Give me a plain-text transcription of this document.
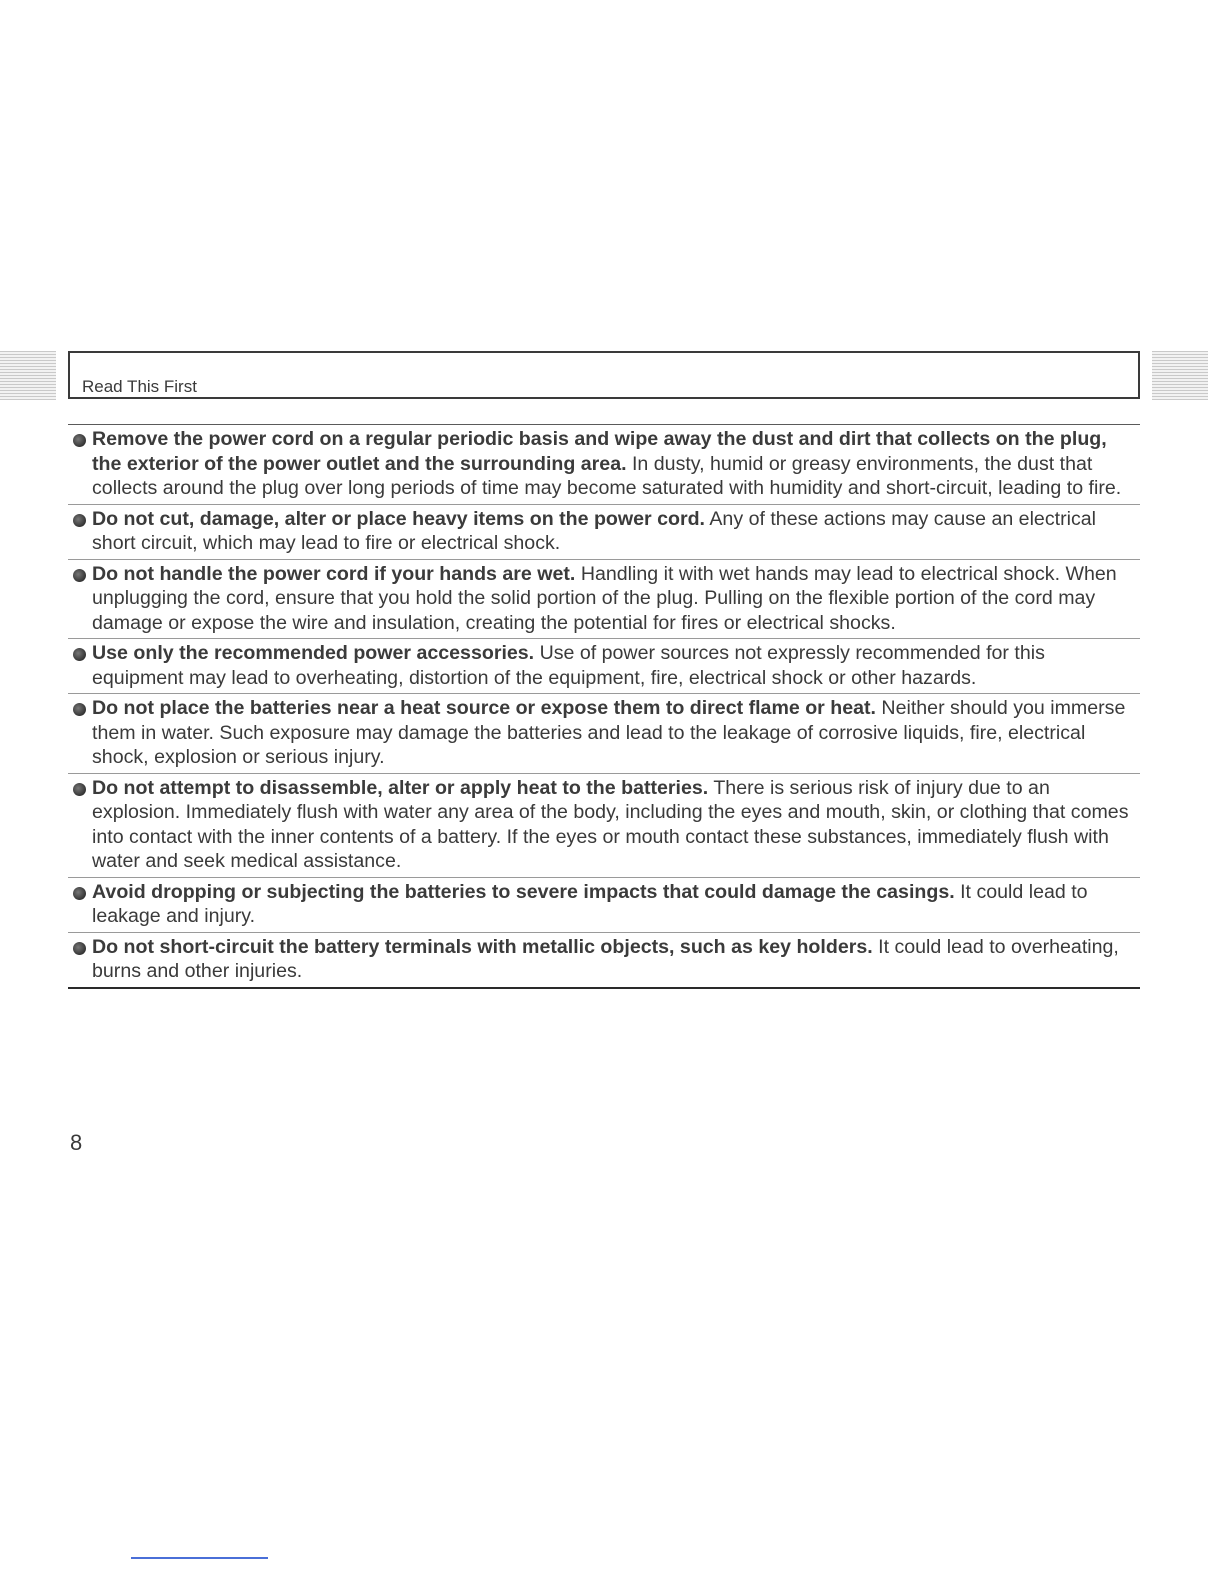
Read This First
Remove the power cord on a regular periodic basis and wipe away the dust and dirt that collects on the plug, the exterior of the power outlet and the surrounding area. In dusty, humid or greasy environments, the dust that collects around the plug over long periods of time may become saturated with humidity and short-circuit, leading to fire.
Do not cut, damage, alter or place heavy items on the power cord. Any of these actions may cause an electrical short circuit, which may lead to fire or electrical shock.
Do not handle the power cord if your hands are wet. Handling it with wet hands may lead to electrical shock. When unplugging the cord, ensure that you hold the solid portion of the plug. Pulling on the flexible portion of the cord may damage or expose the wire and insulation, creating the potential for fires or electrical shocks.
Use only the recommended power accessories. Use of power sources not expressly recommended for this equipment may lead to overheating, distortion of the equipment, fire, electrical shock or other hazards.
Do not place the batteries near a heat source or expose them to direct flame or heat. Neither should you immerse them in water. Such exposure may damage the batteries and lead to the leakage of corrosive liquids, fire, electrical shock, explosion or serious injury.
Do not attempt to disassemble, alter or apply heat to the batteries. There is serious risk of injury due to an explosion. Immediately flush with water any area of the body, including the eyes and mouth, skin, or clothing that comes into contact with the inner contents of a battery. If the eyes or mouth contact these substances, immediately flush with water and seek medical assistance.
Avoid dropping or subjecting the batteries to severe impacts that could damage the casings. It could lead to leakage and injury.
Do not short-circuit the battery terminals with metallic objects, such as key holders. It could lead to overheating, burns and other injuries.
8
